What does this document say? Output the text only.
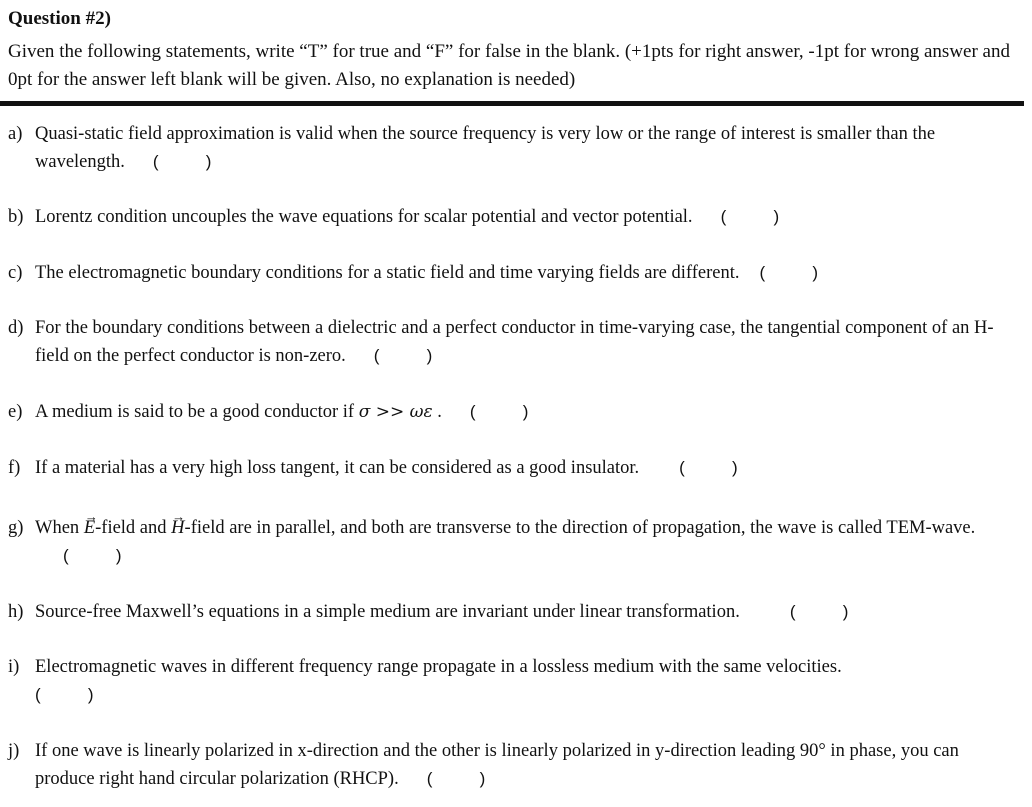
Question #2)
Given the following statements, write “T” for true and “F” for false in the blank. (+1pts for right answer, -1pt for wrong answer and 0pt for the answer left blank will be given. Also, no explanation is needed)
a) Quasi-static field approximation is valid when the source frequency is very low or the range of interest is smaller than the wavelength. (          )
b) Lorentz condition uncouples the wave equations for scalar potential and vector potential. (          )
c) The electromagnetic boundary conditions for a static field and time varying fields are different. (          )
d) For the boundary conditions between a dielectric and a perfect conductor in time-varying case, the tangential component of an H-field on the perfect conductor is non-zero. (          )
e) A medium is said to be a good conductor if σ >> ωε . (          )
f) If a material has a very high loss tangent, it can be considered as a good insulator. (          )
g) When → E-field and → H-field are in parallel, and both are transverse to the direction of propagation, the wave is called TEM-wave.(          )
h) Source-free Maxwell’s equations in a simple medium are invariant under linear transformation.	(          )
i) Electromagnetic waves in different frequency range propagate in a lossless medium with the same velocities.
(          )
j) If one wave is linearly polarized in x-direction and the other is linearly polarized in y-direction leading 90° in phase, you can produce right hand circular polarization (RHCP). (          )
